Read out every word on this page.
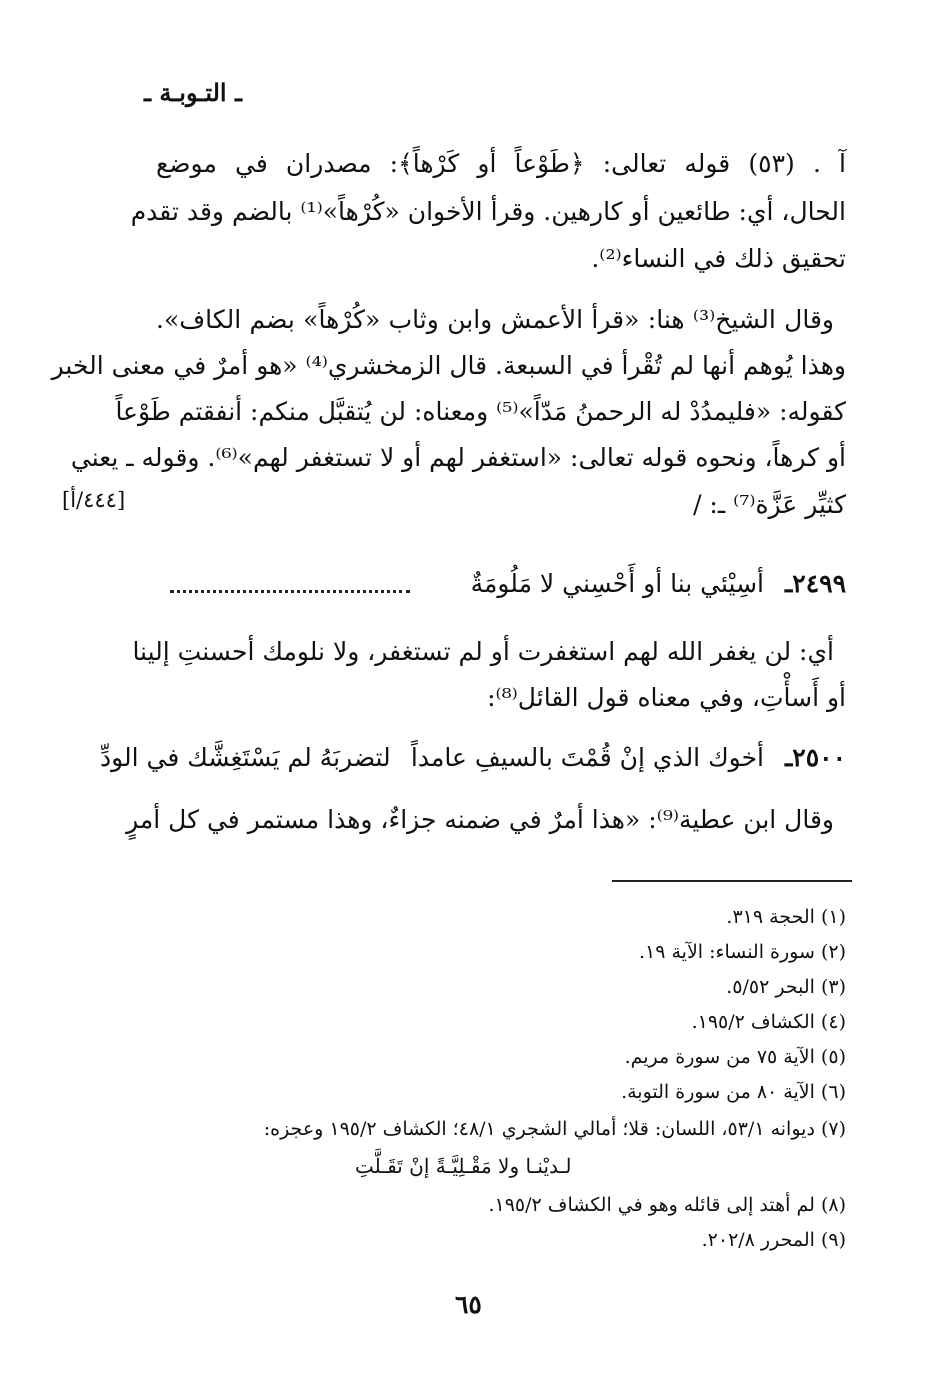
ـ التـوبـة ـ
آ . (٥٣) قوله تعالى: ﴿طَوْعاً أو كَرْهاً﴾: مصدران في موضع
الحال، أي: طائعين أو كارهين. وقرأ الأخوان «كُرْهاً»⁽¹⁾ بالضم وقد تقدم
تحقيق ذلك في النساء⁽²⁾.
وقال الشيخ⁽³⁾ هنا: «قرأ الأعمش وابن وثاب «كُرْهاً» بضم الكاف».
وهذا يُوهم أنها لم تُقْرأ في السبعة. قال الزمخشري⁽⁴⁾ «هو أمرٌ في معنى الخبر
كقوله: «فليمدُدْ له الرحمنُ مَدّاً»⁽⁵⁾ ومعناه: لن يُتقبَّل منكم: أنفقتم طَوْعاً
أو كرهاً، ونحوه قوله تعالى: «استغفر لهم أو لا تستغفر لهم»⁽⁶⁾. وقوله ـ يعني
كثيِّر عَزَّة⁽⁷⁾ ـ: /
[٤٤٤/أ]
٢٤٩٩ـ
أسِيْئي بنا أو أَحْسِني لا مَلُومَةٌ
أي: لن يغفر الله لهم استغفرت أو لم تستغفر، ولا نلومك أحسنتِ إلينا
أو أَسأْتِ، وفي معناه قول القائل⁽⁸⁾:
٢٥٠٠ـ
أخوك الذي إنْ قُمْتَ بالسيفِ عامداً
لتضربَهُ لم يَسْتَغِشَّك في الودِّ
وقال ابن عطية⁽⁹⁾: «هذا أمرٌ في ضمنه جزاءٌ، وهذا مستمر في كل أمرٍ
(١) الحجة ٣١٩.
(٢) سورة النساء: الآية ١٩.
(٣) البحر ٥/٥٢.
(٤) الكشاف ١٩٥/٢.
(٥) الآية ٧٥ من سورة مريم.
(٦) الآية ٨٠ من سورة التوبة.
(٧) ديوانه ٥٣/١، اللسان: قلا؛ أمالي الشجري ٤٨/١؛ الكشاف ١٩٥/٢ وعجزه:
لـديْنـا ولا مَقْـلِيَّـةً إنْ تَقَـلَّتِ
(٨) لم أهتد إلى قائله وهو في الكشاف ١٩٥/٢.
(٩) المحرر ٢٠٢/٨.
٦٥
